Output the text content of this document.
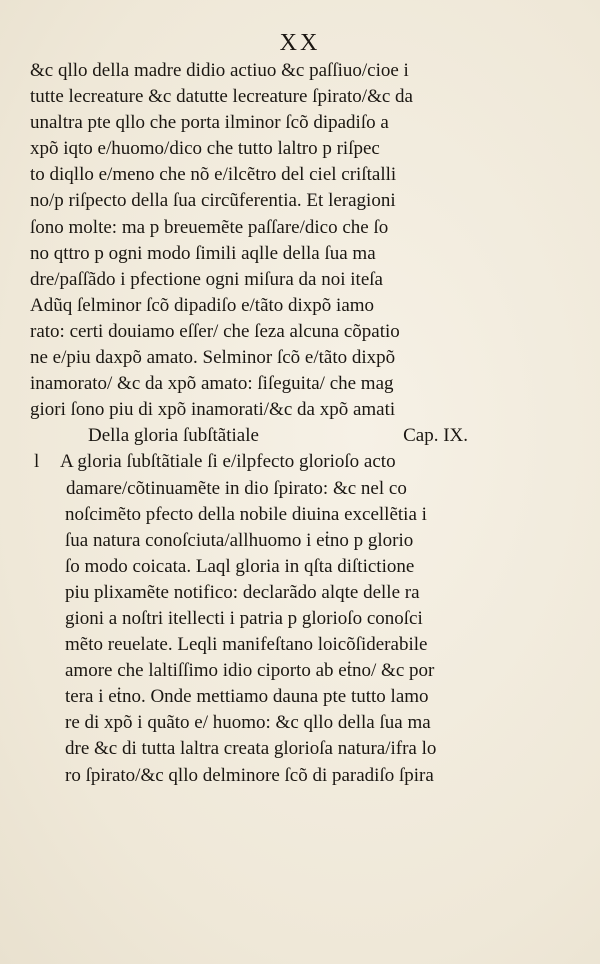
XX
&c qllo della madre didio actiuo &c paſſiuo/cioe i
tutte lecreature &c datutte lecreature ſpirato/&c da
unaltra pte qllo che porta ilminor ſcõ dipadiſo a
xpõ iqto e/huomo/dico che tutto laltro p riſpec
to diqllo e/meno che nõ e/ilcẽtro del ciel criſtalli
no/p riſpecto della ſua circũferentia. Et leragioni
ſono molte: ma p breuemẽte paſſare/dico che ſo
no qttro p ogni modo ſimili aqlle della ſua ma
dre/paſſãdo i pfectione ogni miſura da noi iteſa
Adũq ſelminor ſcõ dipadiſo e/tãto dixpõ iamo
rato: certi douiamo eſſer/ che ſeza alcuna cõpatio
ne e/piu daxpõ amato. Selminor ſcõ e/tãto dixpõ
inamorato/ &c da xpõ amato: ſiſeguita/ che mag
giori ſono piu di xpõ inamorati/&c da xpõ amati
Della gloria ſubſtãtiale	Cap. IX.
l A gloria ſubſtãtiale ſi e/ilpfecto glorioſo acto
damare/cõtinuamẽte in dio ſpirato: &c nel co
noſcimẽto pfecto della nobile diuina excellẽtia i
ſua natura conoſciuta/allhuomo i eṫno p glorio
ſo modo coicata. Laql gloria in qſta diſtictione
piu plixamẽte notifico: declarãdo alqte delle ra
gioni a noſtri itellecti i patria p glorioſo conoſci
mẽto reuelate. Leqli manifeſtano loicõſiderabile
amore che laltiſſimo idio ciporto ab eṫno/ &c por
tera i eṫno. Onde mettiamo dauna pte tutto lamo
re di xpõ i quãto e/ huomo: &c qllo della ſua ma
dre &c di tutta laltra creata glorioſa natura/ifra lo
ro ſpirato/&c qllo delminore ſcõ di paradiſo ſpira
